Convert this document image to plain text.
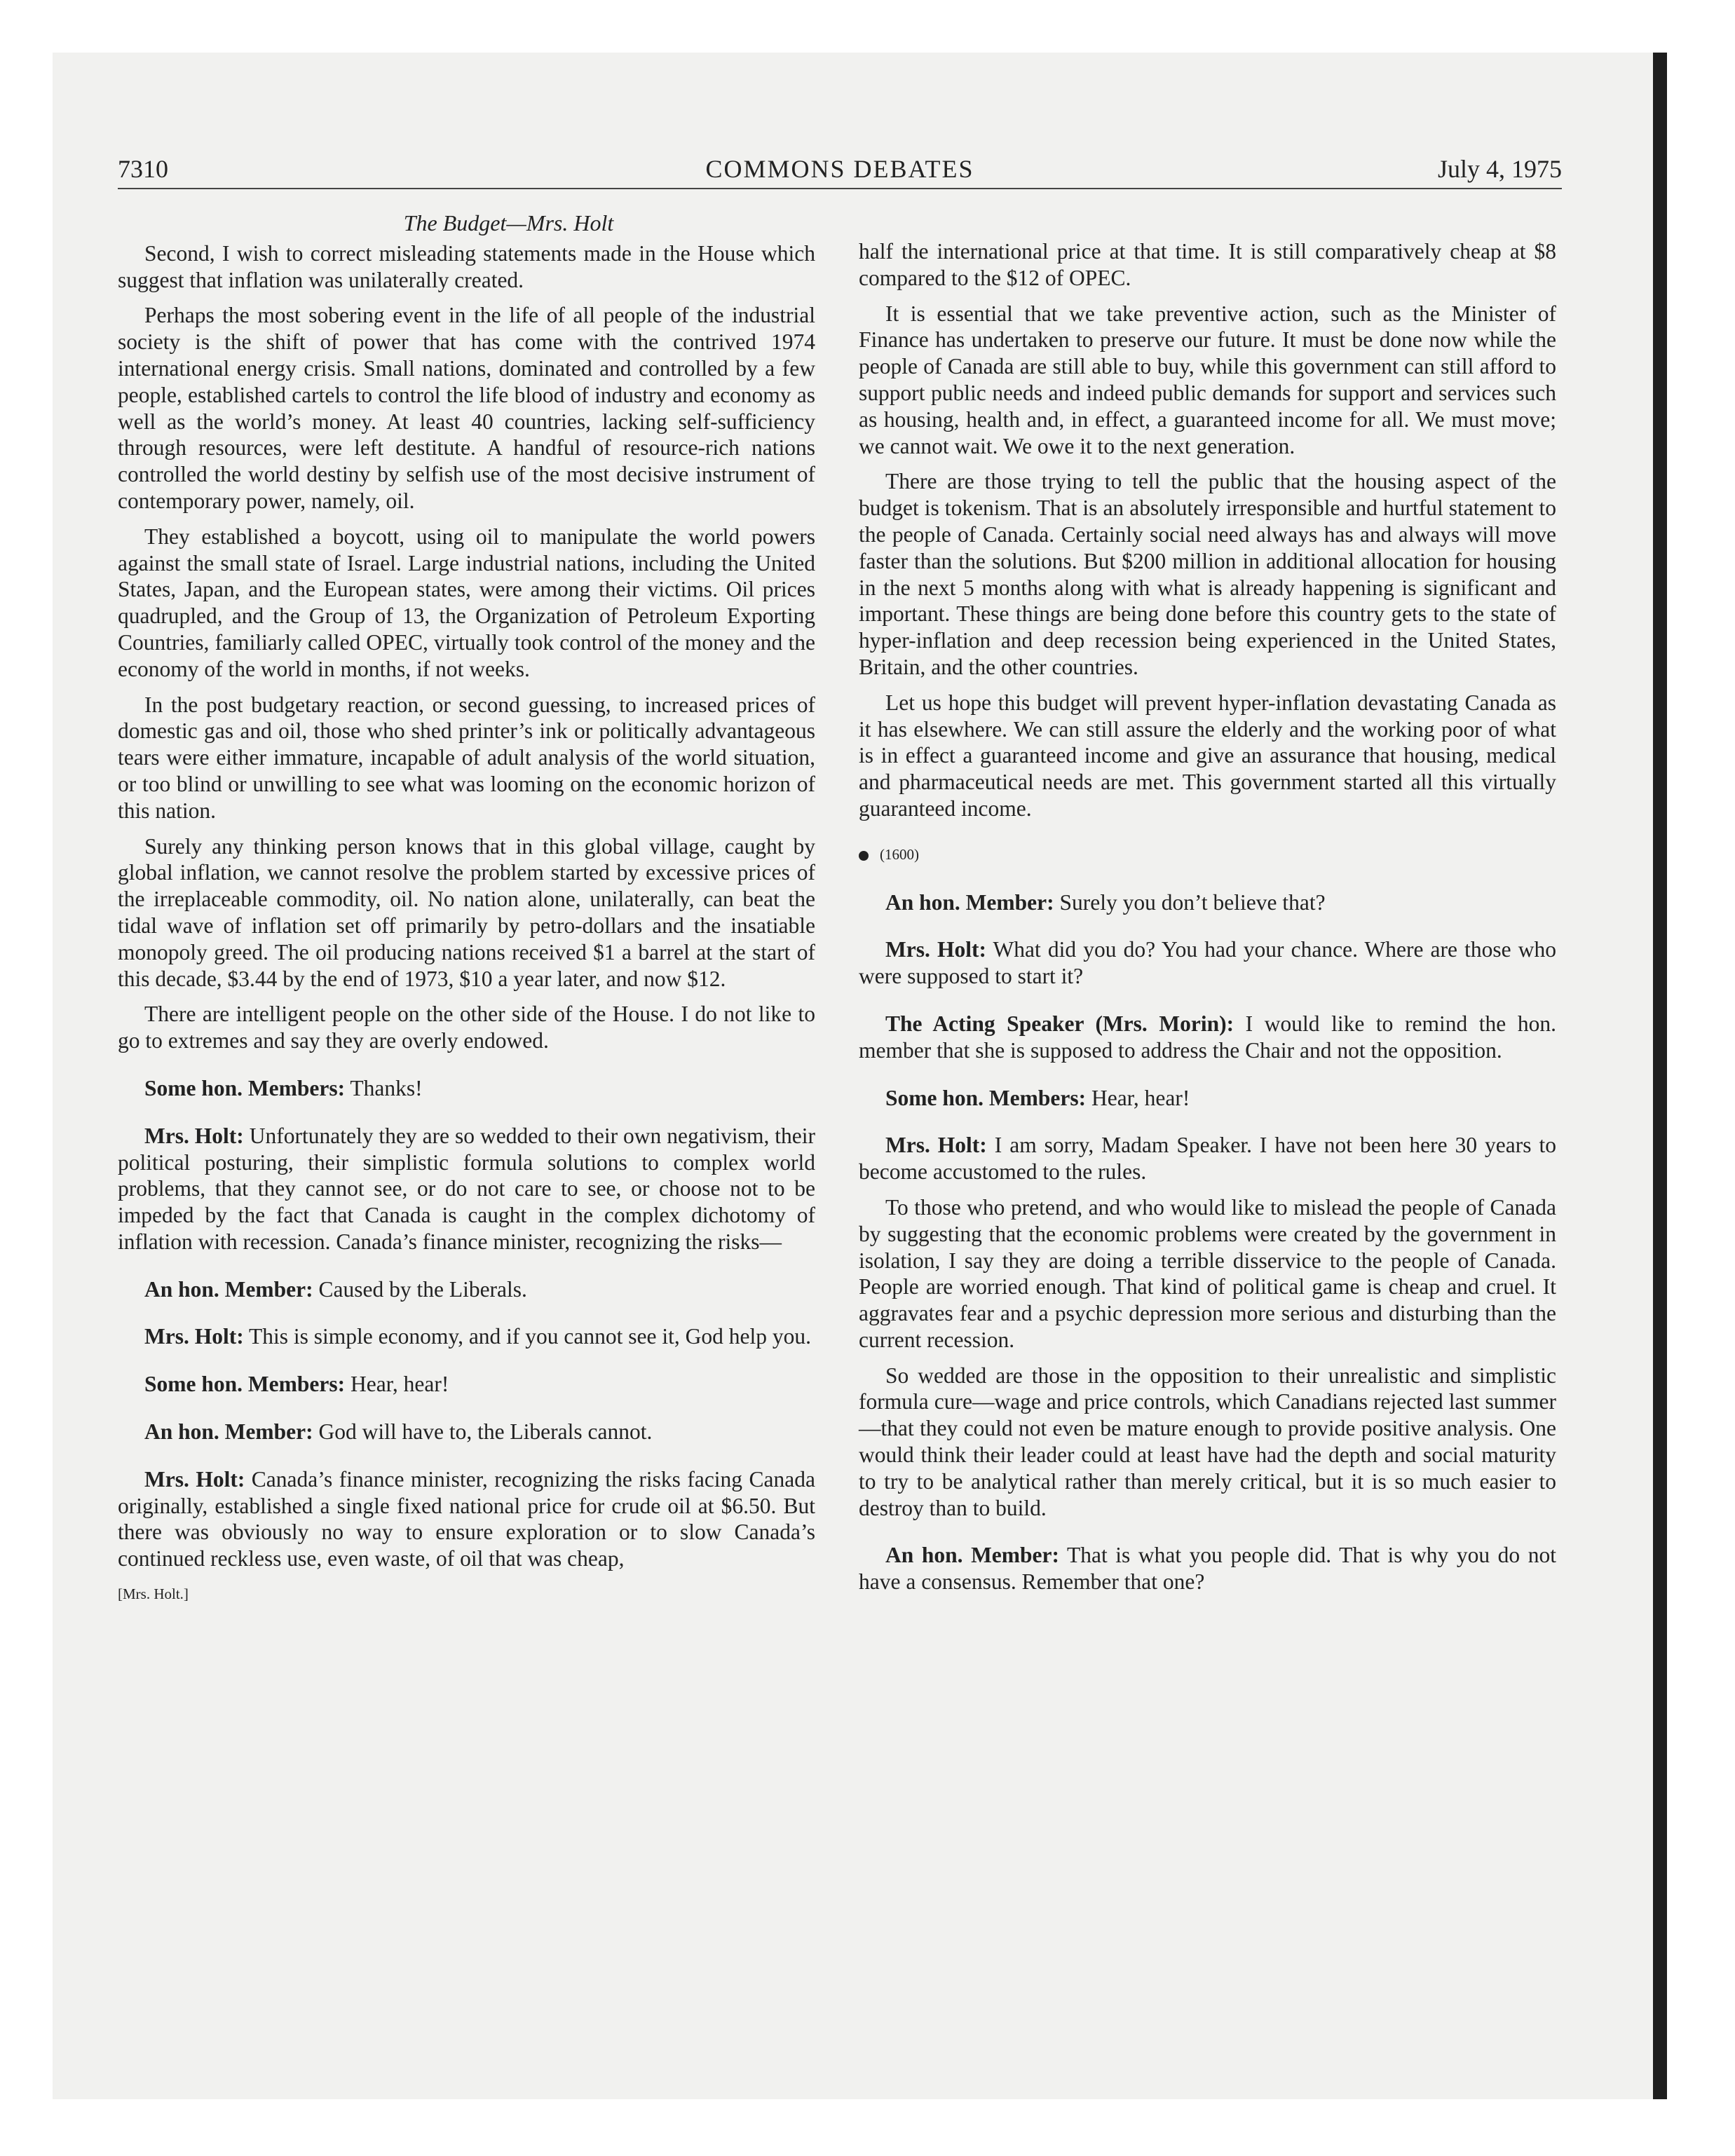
7310	COMMONS DEBATES	July 4, 1975
The Budget—Mrs. Holt

Second, I wish to correct misleading statements made in the House which suggest that inflation was unilaterally created.

Perhaps the most sobering event in the life of all people of the industrial society is the shift of power that has come with the contrived 1974 international energy crisis. Small nations, dominated and controlled by a few people, established cartels to control the life blood of industry and economy as well as the world’s money. At least 40 countries, lacking self-sufficiency through resources, were left destitute. A handful of resource-rich nations controlled the world destiny by selfish use of the most decisive instrument of contemporary power, namely, oil.

They established a boycott, using oil to manipulate the world powers against the small state of Israel. Large industrial nations, including the United States, Japan, and the European states, were among their victims. Oil prices quadrupled, and the Group of 13, the Organization of Petroleum Exporting Countries, familiarly called OPEC, virtually took control of the money and the economy of the world in months, if not weeks.

In the post budgetary reaction, or second guessing, to increased prices of domestic gas and oil, those who shed printer’s ink or politically advantageous tears were either immature, incapable of adult analysis of the world situation, or too blind or unwilling to see what was looming on the economic horizon of this nation.

Surely any thinking person knows that in this global village, caught by global inflation, we cannot resolve the problem started by excessive prices of the irreplaceable commodity, oil. No nation alone, unilaterally, can beat the tidal wave of inflation set off primarily by petro-dollars and the insatiable monopoly greed. The oil producing nations received $1 a barrel at the start of this decade, $3.44 by the end of 1973, $10 a year later, and now $12.

There are intelligent people on the other side of the House. I do not like to go to extremes and say they are overly endowed.

Some hon. Members: Thanks!

Mrs. Holt: Unfortunately they are so wedded to their own negativism, their political posturing, their simplistic formula solutions to complex world problems, that they cannot see, or do not care to see, or choose not to be impeded by the fact that Canada is caught in the complex dichotomy of inflation with recession. Canada’s finance minister, recognizing the risks—

An hon. Member: Caused by the Liberals.

Mrs. Holt: This is simple economy, and if you cannot see it, God help you.

Some hon. Members: Hear, hear!

An hon. Member: God will have to, the Liberals cannot.

Mrs. Holt: Canada’s finance minister, recognizing the risks facing Canada originally, established a single fixed national price for crude oil at $6.50. But there was obviously no way to ensure exploration or to slow Canada’s continued reckless use, even waste, of oil that was cheap,

[Mrs. Holt.]

half the international price at that time. It is still comparatively cheap at $8 compared to the $12 of OPEC.

It is essential that we take preventive action, such as the Minister of Finance has undertaken to preserve our future. It must be done now while the people of Canada are still able to buy, while this government can still afford to support public needs and indeed public demands for support and services such as housing, health and, in effect, a guaranteed income for all. We must move; we cannot wait. We owe it to the next generation.

There are those trying to tell the public that the housing aspect of the budget is tokenism. That is an absolutely irresponsible and hurtful statement to the people of Canada. Certainly social need always has and always will move faster than the solutions. But $200 million in additional allocation for housing in the next 5 months along with what is already happening is significant and important. These things are being done before this country gets to the state of hyper-inflation and deep recession being experienced in the United States, Britain, and the other countries.

Let us hope this budget will prevent hyper-inflation devastating Canada as it has elsewhere. We can still assure the elderly and the working poor of what is in effect a guaranteed income and give an assurance that housing, medical and pharmaceutical needs are met. This government started all this virtually guaranteed income.

(1600)

An hon. Member: Surely you don’t believe that?

Mrs. Holt: What did you do? You had your chance. Where are those who were supposed to start it?

The Acting Speaker (Mrs. Morin): I would like to remind the hon. member that she is supposed to address the Chair and not the opposition.

Some hon. Members: Hear, hear!

Mrs. Holt: I am sorry, Madam Speaker. I have not been here 30 years to become accustomed to the rules.

To those who pretend, and who would like to mislead the people of Canada by suggesting that the economic problems were created by the government in isolation, I say they are doing a terrible disservice to the people of Canada. People are worried enough. That kind of political game is cheap and cruel. It aggravates fear and a psychic depression more serious and disturbing than the current recession.

So wedded are those in the opposition to their unrealistic and simplistic formula cure—wage and price controls, which Canadians rejected last summer—that they could not even be mature enough to provide positive analysis. One would think their leader could at least have had the depth and social maturity to try to be analytical rather than merely critical, but it is so much easier to destroy than to build.

An hon. Member: That is what you people did. That is why you do not have a consensus. Remember that one?
